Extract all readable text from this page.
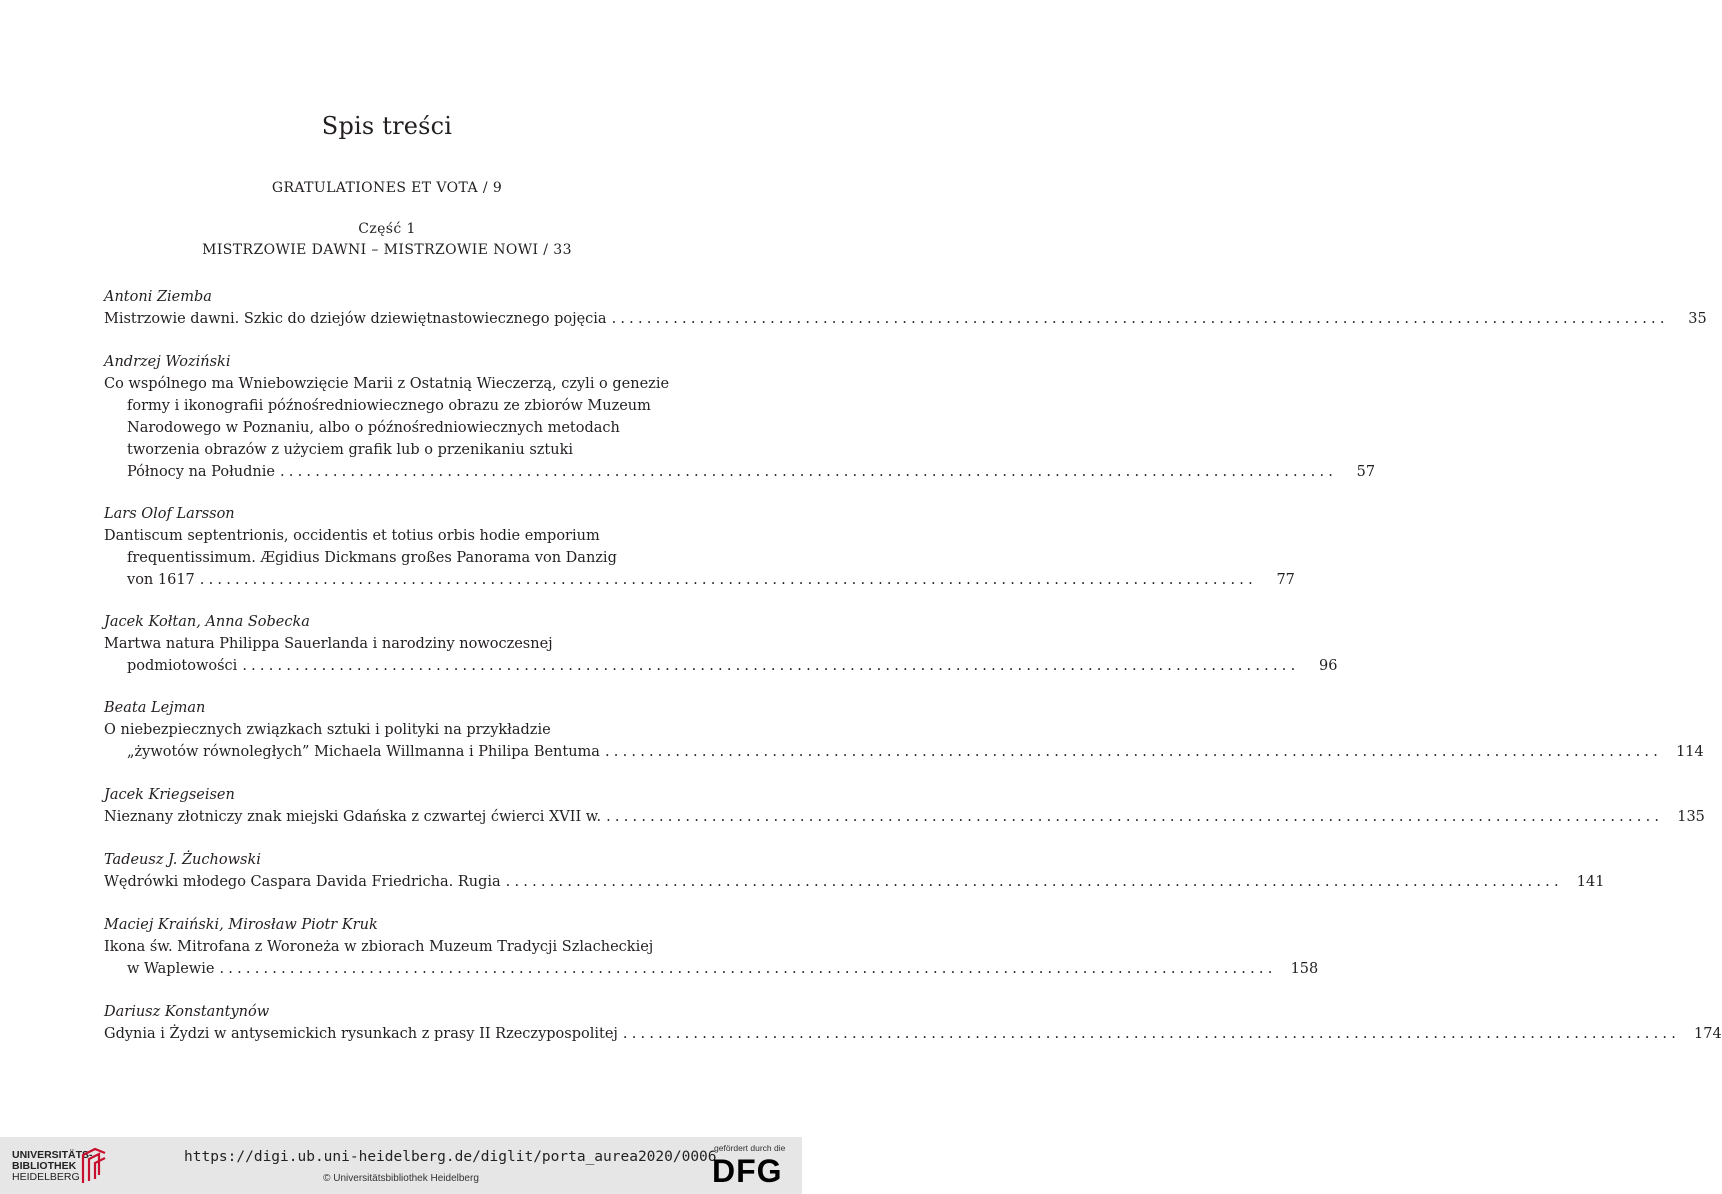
Spis treści
GRATULATIONES ET VOTA / 9
Część 1
MISTRZOWIE DAWNI – MISTRZOWIE NOWI / 33
Antoni Ziemba
Mistrzowie dawni. Szkic do dziejów dziewiętnastowiecznego pojęcia ........................................................................................................................	35
Andrzej Woziński
Co wspólnego ma Wniebowzięcie Marii z Ostatnią Wieczerzą, czyli o genezie
formy i ikonografii późnośredniowiecznego obrazu ze zbiorów Muzeum
Narodowego w Poznaniu, albo o późnośredniowiecznych metodach
tworzenia obrazów z użyciem grafik lub o przenikaniu sztuki
Północy na Południe ........................................................................................................................	57
Lars Olof Larsson
Dantiscum septentrionis, occidentis et totius orbis hodie emporium
frequentissimum. Ægidius Dickmans großes Panorama von Danzig
von 1617 ........................................................................................................................	77
Jacek Kołtan, Anna Sobecka
Martwa natura Philippa Sauerlanda i narodziny nowoczesnej
podmiotowości ........................................................................................................................	96
Beata Lejman
O niebezpiecznych związkach sztuki i polityki na przykładzie
„żywotów równoległych” Michaela Willmanna i Philipa Bentuma ........................................................................................................................ 114
Jacek Kriegseisen
Nieznany złotniczy znak miejski Gdańska z czwartej ćwierci XVII w. ........................................................................................................................ 135
Tadeusz J. Żuchowski
Wędrówki młodego Caspara Davida Friedricha. Rugia ........................................................................................................................ 141
Maciej Kraiński, Mirosław Piotr Kruk
Ikona św. Mitrofana z Woroneża w zbiorach Muzeum Tradycji Szlacheckiej
w Waplewie ........................................................................................................................ 158
Dariusz Konstantynów
Gdynia i Żydzi w antysemickich rysunkach z prasy II Rzeczypospolitej ........................................................................................................................ 174
UNIVERSITÄTS-
BIBLIOTHEK
HEIDELBERG
https://digi.ub.uni-heidelberg.de/diglit/porta_aurea2020/0006
© Universitätsbibliothek Heidelberg
gefördert durch die
DFG
